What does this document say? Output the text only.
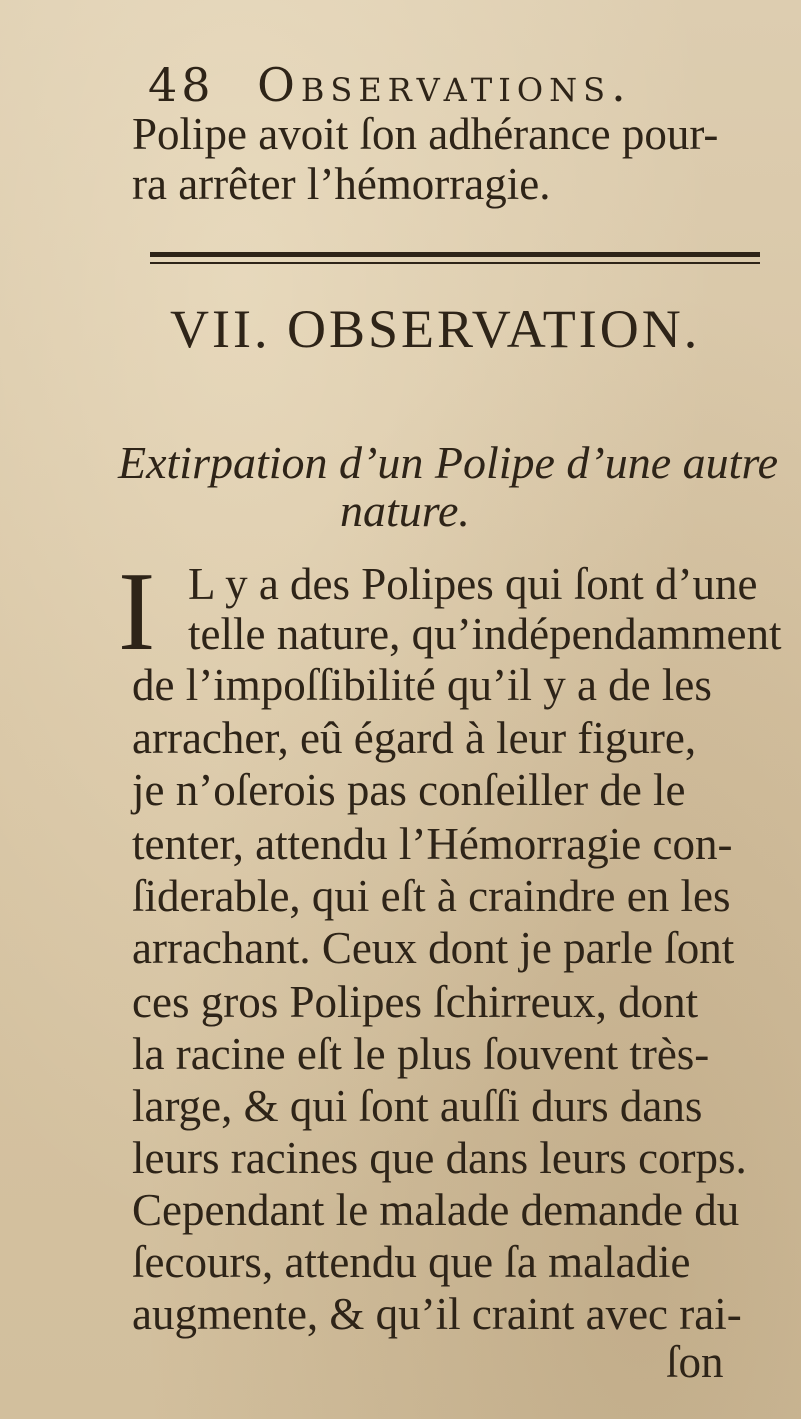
48 Observations.
Polipe avoit ſon adhérance pour-
ra arrêter l’hémorragie.
VII. OBSERVATION.
Extirpation d’un Polipe d’une autre
nature.
I L y a des Polipes qui ſont d’une
telle nature, qu’indépendamment
de l’impoſſibilité qu’il y a de les
arracher, eû égard à leur figure,
je n’oſerois pas conſeiller de le
tenter, attendu l’Hémorragie con-
ſiderable, qui eſt à craindre en les
arrachant. Ceux dont je parle ſont
ces gros Polipes ſchirreux, dont
la racine eſt le plus ſouvent très-
large, & qui ſont auſſi durs dans
leurs racines que dans leurs corps.
Cependant le malade demande du
ſecours, attendu que ſa maladie
augmente, & qu’il craint avec rai-
ſon
